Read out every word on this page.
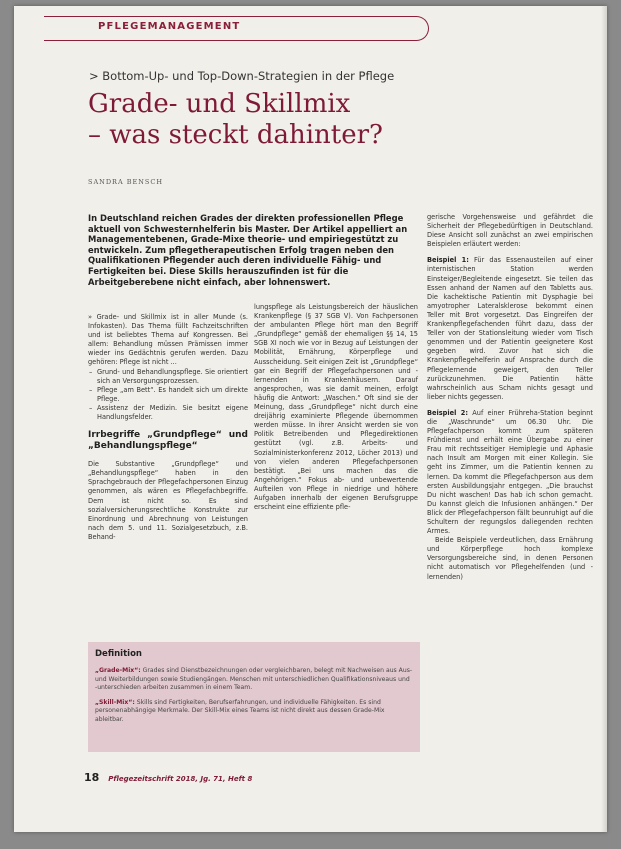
PFLEGEMANAGEMENT
> Bottom-Up- und Top-Down-Strategien in der Pflege
Grade- und Skillmix
– was steckt dahinter?
SANDRA BENSCH

In Deutschland reichen Grades der direkten professionellen Pflege aktuell von Schwesternhelferin bis Master. Der Artikel appelliert an Managementebenen, Grade-Mixe theorie- und empiriegestützt zu entwickeln. Zum pflegetherapeutischen Erfolg tragen neben den Qualifikationen Pflegender auch deren individuelle Fähig- und Fertigkeiten bei. Diese Skills herauszufinden ist für die Arbeitgeberebene nicht einfach, aber lohnenswert.

» Grade- und Skillmix ist in aller Munde (s. Infokasten). Das Thema füllt Fachzeitschriften und ist beliebtes Thema auf Kongressen. Bei allem: Behandlung müssen Prämissen immer wieder ins Gedächtnis gerufen werden. Dazu gehören: Pflege ist nicht ...

– Grund- und Behandlungspflege. Sie orientiert sich an Versorgungsprozessen.
– Pflege „am Bett“. Es handelt sich um direkte Pflege.
– Assistenz der Medizin. Sie besitzt eigene Handlungsfelder.
Irrbegriffe „Grundpflege“ und „Behandlungspflege“

Die Substantive „Grundpflege“ und „Behandlungspflege“ haben in den Sprachgebrauch der Pflegefachpersonen Einzug genommen, als wären es Pflegefachbegriffe. Dem ist nicht so. Es sind sozialversicherungsrechtliche Konstrukte zur Einordnung und Abrechnung von Leistungen nach dem 5. und 11. Sozialgesetzbuch, z.B. Behand-

lungspflege als Leistungsbereich der häuslichen Krankenpflege (§ 37 SGB V). Von Fachpersonen der ambulanten Pflege hört man den Begriff „Grundpflege“ gemäß der ehemaligen §§ 14, 15 SGB XI noch wie vor in Bezug auf Leistungen der Mobilität, Ernährung, Körperpflege und Ausscheidung. Seit einigen Zeit ist „Grundpflege“ gar ein Begriff der Pflegefachpersonen und -lernenden in Krankenhäusern. Darauf angesprochen, was sie damit meinen, erfolgt häufig die Antwort: „Waschen.“ Oft sind sie der Meinung, dass „Grundpflege“ nicht durch eine dreijährig examinierte Pflegende übernommen werden müsse. In ihrer Ansicht werden sie von Politik Betreibenden und Pflegedirektionen gestützt (vgl. z.B. Arbeits- und Sozialministerkonferenz 2012, Löcher 2013) und von vielen anderen Pflegefachpersonen bestätigt. „Bei uns machen das die Angehörigen.“ Fokus ab- und unbewertende Aufteilen von Pflege in niedrige und höhere Aufgaben innerhalb der eigenen Berufsgruppe erscheint eine effiziente pfle-

gerische Vorgehensweise und gefährdet die Sicherheit der Pflegebedürftigen in Deutschland. Diese Ansicht soll zunächst an zwei empirischen Beispielen erläutert werden:

Beispiel 1: Für das Essenausteilen auf einer internistischen Station werden Einsteiger/Begleitende eingesetzt. Sie teilen das Essen anhand der Namen auf den Tabletts aus. Die kachektische Patientin mit Dysphagie bei amyotropher Lateralsklerose bekommt einen Teller mit Brot vorgesetzt. Das Eingreifen der Krankenpflegefachenden führt dazu, dass der Teller von der Stationsleitung wieder vom Tisch genommen und der Patientin geeignetere Kost gegeben wird. Zuvor hat sich die Krankenpflegehelferin auf Ansprache durch die Pflegelernende geweigert, den Teller zurückzunehmen. Die Patientin hätte wahrscheinlich aus Scham nichts gesagt und lieber nichts gegessen.

Beispiel 2: Auf einer Frühreha-Station beginnt die „Waschrunde“ um 06.30 Uhr. Die Pflegefachperson kommt zum späteren Frühdienst und erhält eine Übergabe zu einer Frau mit rechtsseitiger Hemiplegie und Aphasie nach Insult am Morgen mit einer Kollegin. Sie geht ins Zimmer, um die Patientin kennen zu lernen. Da kommt die Pflegefachperson aus dem ersten Ausbildungsjahr entgegen. „Die brauchst Du nicht waschen! Das hab ich schon gemacht. Du kannst gleich die Infusionen anhängen.“ Der Blick der Pflegefachperson fällt beunruhigt auf die Schultern der regungslos daliegenden rechten Armes.

Beide Beispiele verdeutlichen, dass Ernährung und Körperpflege hoch komplexe Versorgungsbereiche sind, in denen Personen nicht automatisch vor Pflegehelfenden (und -lernenden)

Definition

„Grade-Mix“: Grades sind Dienstbezeichnungen oder vergleichbaren, belegt mit Nachweisen aus Aus- und Weiterbildungen sowie Studiengängen. Menschen mit unterschiedlichen Qualifikationsniveaus und -unterschieden arbeiten zusammen in einem Team.

„Skill-Mix“: Skills sind Fertigkeiten, Berufserfahrungen, und individuelle Fähigkeiten. Es sind personenabhängige Merkmale. Der Skill-Mix eines Teams ist nicht direkt aus dessen Grade-Mix ableitbar.

18 Pflegezeitschrift 2018, Jg. 71, Heft 8
